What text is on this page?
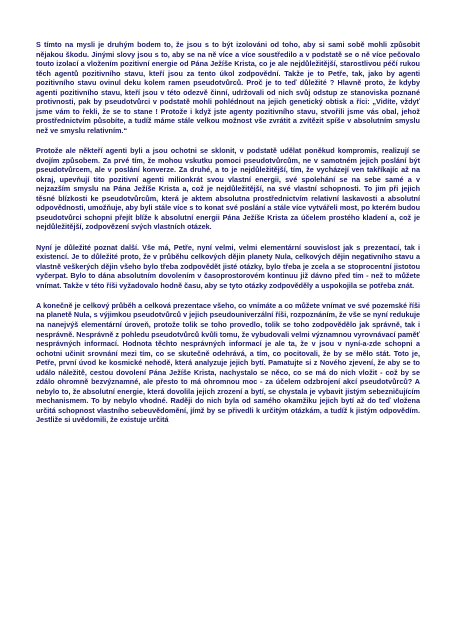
S tímto na mysli je druhým bodem to, že jsou s to být izolováni od toho, aby si sami sobě mohli způsobit nějakou škodu. Jinými slovy jsou s to, aby se na ně více a více soustředilo a v podstatě se o ně více pečovalo touto izolací a vložením pozitivní energie od Pána Ježíše Krista, co je ale nejdůležitější, starostlivou péčí rukou těch agentů pozitivního stavu, kteří jsou za tento úkol zodpovědní. Takže je to Petře, tak, jako by agenti pozitivního stavu ovinul deku kolem ramen pseudotvůrců. Proč je to teď důležité ? Hlavně proto, že kdyby agenti pozitivního stavu, kteří jsou v této odezvě činní, udržovali od nich svůj odstup ze stanoviska poznané protivnosti, pak by pseudotvůrci v podstatě mohli pohlédnout na jejich genetický obtisk a říci: „Vidíte, vždyť jsme vám to řekli, že se to stane ! Protože i když jste agenty pozitivního stavu, stvořili jsme vás obal, jehož prostřednictvím působíte, a tudíž máme stále velkou možnost vše zvrátit a zvítězit spíše v absolutním smyslu než ve smyslu relativním.“

Protože ale někteří agenti byli a jsou ochotni se sklonit, v podstatě udělat poněkud kompromis, realizují se dvojím způsobem. Za prvé tím, že mohou vskutku pomoci pseudotvůrcům, ne v samotném jejich poslání být pseudotvůrcem, ale v poslání konverze. Za druhé, a to je nejdůležitější, tím, že vycházejí ven takříkajíc až na okraj, upevňují tito pozitivní agenti milionkrát svou vlastní energii, své spolehání se na sebe samé a v nejzazším smyslu na Pána Ježíše Krista a, což je nejdůležitější, na své vlastní schopnosti. To jim při jejich těsné blízkosti ke pseudotvůrcům, která je aktem absolutna prostřednictvím relativní laskavosti a absolutní odpovědnosti, umožňuje, aby byli stále více s to konat své poslání a stále více vytvářeli most, po kterém budou pseudotvůrci schopni přejít blíže k absolutní energii Pána Ježíše Krista za účelem prostého kladení a, což je nejdůležitější, zodpovězení svých vlastních otázek.

Nyní je důležité poznat další. Vše má, Petře, nyní velmi, velmi elementární souvislost jak s prezentací, tak i existencí. Je to důležité proto, že v průběhu celkových dějin planety Nula, celkových dějin negativního stavu a vlastně veškerých dějin všeho bylo třeba zodpovědět jisté otázky, bylo třeba je zcela a se stoprocentní jistotou vyčerpat. Bylo to dána absolutním dovolením v časoprostorovém kontinuu již dávno před tím - než to můžete vnímat. Takže v této říši vyžadovalo hodně času, aby se tyto otázky zodpověděly a uspokojila se potřeba znát.

A konečně je celkový průběh a celková prezentace všeho, co vnímáte a co můžete vnímat ve své pozemské říši na planetě Nula, s výjimkou pseudotvůrců v jejich pseudouniverzální říši, rozpoznáním, že vše se nyní redukuje na nanejvýš elementární úroveň, protože tolik se toho provedlo, tolik se toho zodpovědělo jak správně, tak i nesprávně. Nesprávně z pohledu pseudotvůrců kvůli tomu, že vybudovali velmi významnou vyrovnávací paměť nesprávných informací. Hodnota těchto nesprávných informací je ale ta, že v jsou v nyní-a-zde schopni a ochotni učinit srovnání mezi tím, co se skutečně odehrává, a tím, co pocitovali, že by se mělo stát. Toto je, Petře, první úvod ke kosmické nehodě, která analyzuje jejich bytí. Pamatujte si z Nového zjevení, že aby se to událo náležitě, cestou dovolení Pána Ježíše Krista, nachystalo se něco, co se má do nich vložit - což by se zdálo ohromně bezvýznamné, ale přesto to má ohromnou moc - za účelem odzbrojení akcí pseudotvůrců? A nebylo to, že absolutní energie, která dovolila jejich zrození a bytí, se chystala je vybavit jistým sebezničujícím mechanismem. To by nebylo vhodné. Raději do nich byla od samého okamžiku jejich bytí až do teď vložena určitá schopnost vlastního sebeuvědomění, jímž by se přivedli k určitým otázkám, a tudíž k jistým odpovědím. Jestliže si uvědomili, že existuje určitá
